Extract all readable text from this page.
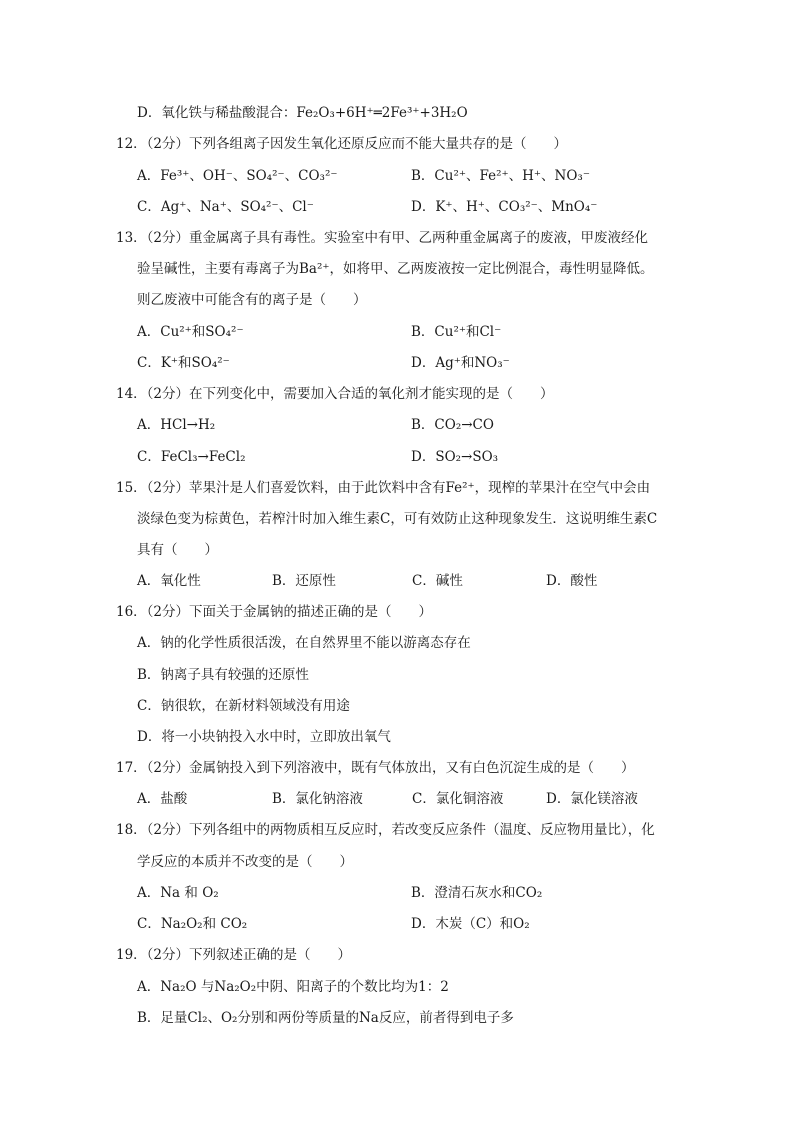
D．氧化铁与稀盐酸混合：Fe₂O₃+6H⁺═2Fe³⁺+3H₂O
12．（2分）下列各组离子因发生氧化还原反应而不能大量共存的是（　　）
A．Fe³⁺、OH⁻、SO₄²⁻、CO₃²⁻	B．Cu²⁺、Fe²⁺、H⁺、NO₃⁻
C．Ag⁺、Na⁺、SO₄²⁻、Cl⁻	D．K⁺、H⁺、CO₃²⁻、MnO₄⁻
13．（2分）重金属离子具有毒性。实验室中有甲、乙两种重金属离子的废液，甲废液经化
验呈碱性，主要有毒离子为Ba²⁺，如将甲、乙两废液按一定比例混合，毒性明显降低。
则乙废液中可能含有的离子是（　　）
A．Cu²⁺和SO₄²⁻	B．Cu²⁺和Cl⁻
C．K⁺和SO₄²⁻	D．Ag⁺和NO₃⁻
14．（2分）在下列变化中，需要加入合适的氧化剂才能实现的是（　　）
A．HCl→H₂	B．CO₂→CO
C．FeCl₃→FeCl₂	D．SO₂→SO₃
15．（2分）苹果汁是人们喜爱饮料，由于此饮料中含有Fe²⁺，现榨的苹果汁在空气中会由
淡绿色变为棕黄色，若榨汁时加入维生素C，可有效防止这种现象发生．这说明维生素C
具有（　　）
A．氧化性	B．还原性	C．碱性	D．酸性
16．（2分）下面关于金属钠的描述正确的是（　　）
A．钠的化学性质很活泼，在自然界里不能以游离态存在
B．钠离子具有较强的还原性
C．钠很软，在新材料领域没有用途
D．将一小块钠投入水中时，立即放出氧气
17．（2分）金属钠投入到下列溶液中，既有气体放出，又有白色沉淀生成的是（　　）
A．盐酸	B．氯化钠溶液	C．氯化铜溶液	D．氯化镁溶液
18．（2分）下列各组中的两物质相互反应时，若改变反应条件（温度、反应物用量比），化
学反应的本质并不改变的是（　　）
A．Na 和 O₂	B．澄清石灰水和CO₂
C．Na₂O₂和 CO₂	D．木炭（C）和O₂
19．（2分）下列叙述正确的是（　　）
A．Na₂O 与Na₂O₂中阴、阳离子的个数比均为1：2
B．足量Cl₂、O₂分别和两份等质量的Na反应，前者得到电子多
